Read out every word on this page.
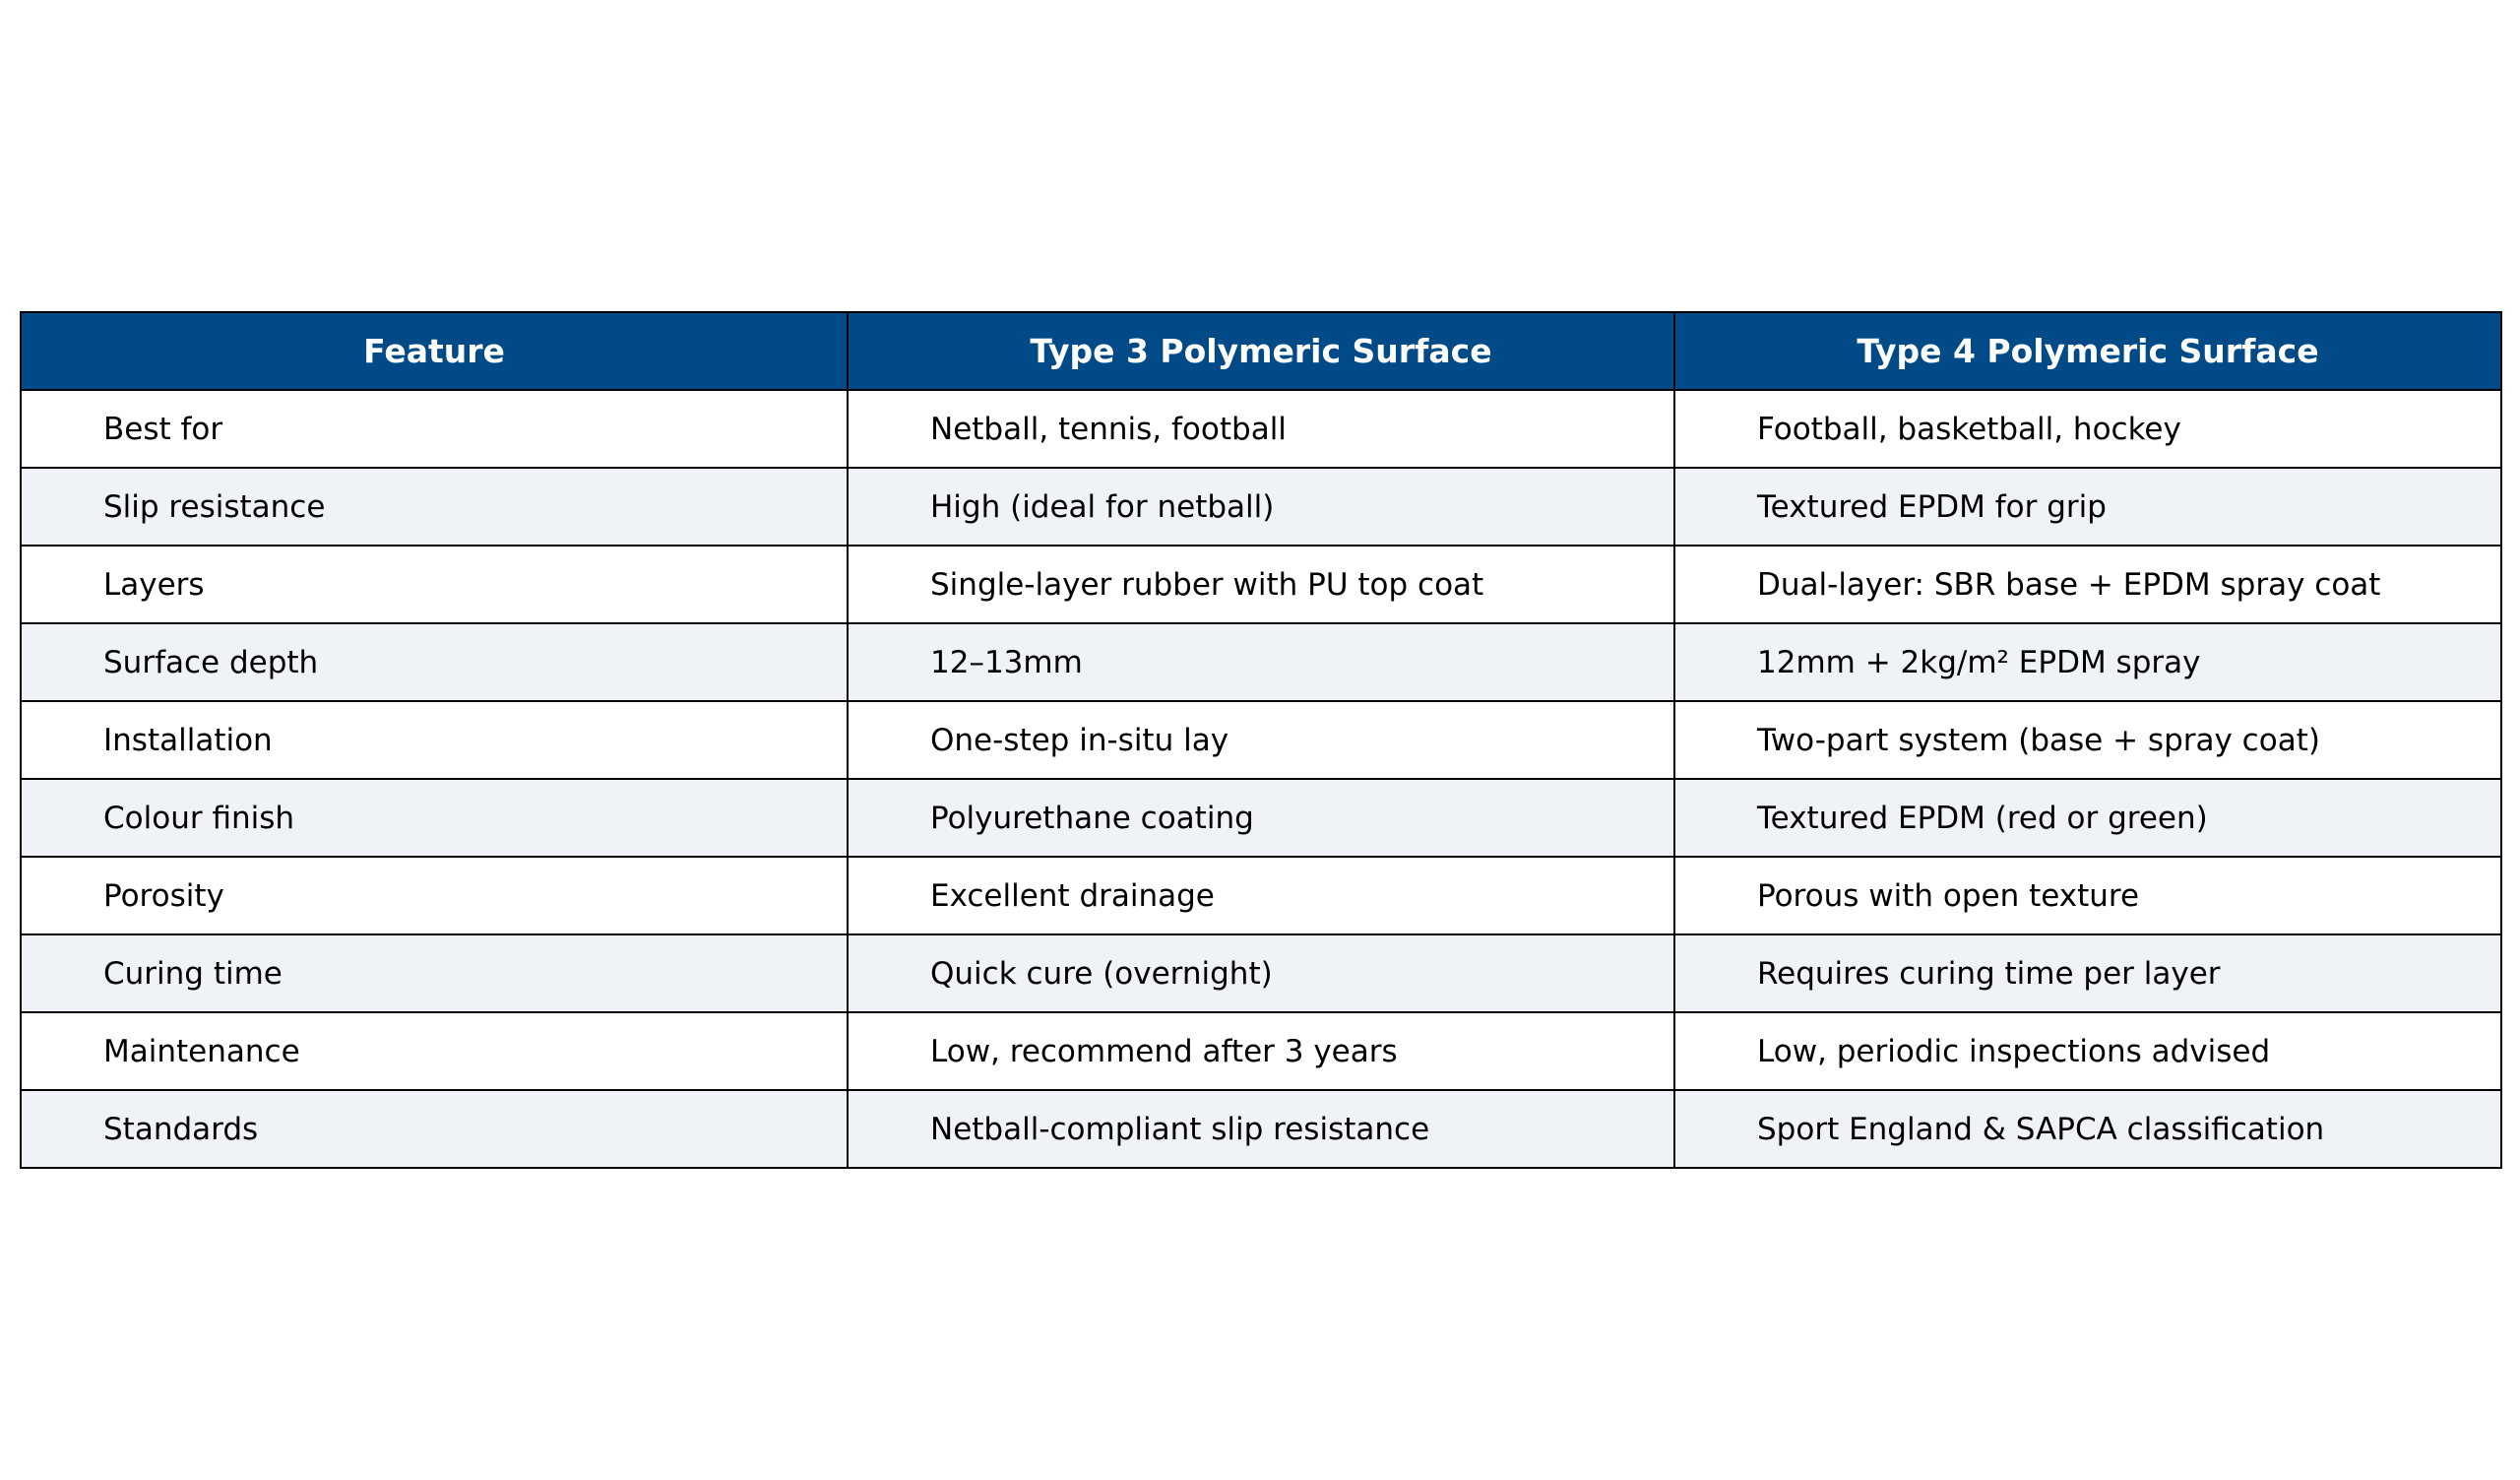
Feature	Type 3 Polymeric Surface	Type 4 Polymeric Surface
Best for	Netball, tennis, football	Football, basketball, hockey
Slip resistance	High (ideal for netball)	Textured EPDM for grip
Layers	Single-layer rubber with PU top coat	Dual-layer: SBR base + EPDM spray coat
Surface depth	12–13mm	12mm + 2kg/m² EPDM spray
Installation	One-step in-situ lay	Two-part system (base + spray coat)
Colour finish	Polyurethane coating	Textured EPDM (red or green)
Porosity	Excellent drainage	Porous with open texture
Curing time	Quick cure (overnight)	Requires curing time per layer
Maintenance	Low, recommend after 3 years	Low, periodic inspections advised
Standards	Netball-compliant slip resistance	Sport England & SAPCA classification
